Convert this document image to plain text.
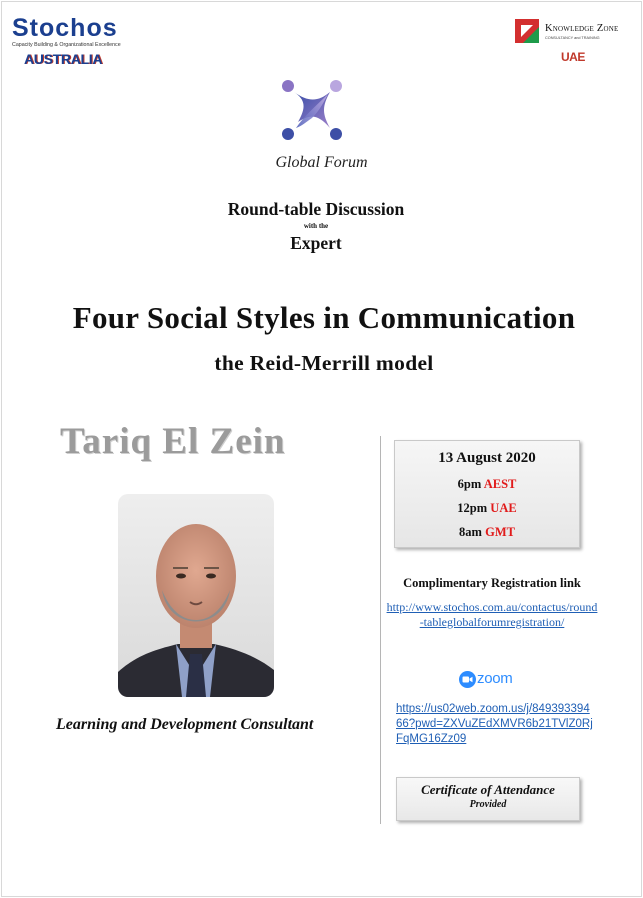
Stochos
Capacity Building & Organizational Excellence
AUSTRALIA
Knowledge Zone
CONSULTANCY and TRAINING
UAE
Global Forum
Round-table Discussion
with the
Expert
Four Social Styles in Communication
the Reid-Merrill model
Tariq El Zein
Learning and Development Consultant
13 August 2020
6pm AEST
12pm UAE
8am GMT
Complimentary Registration link
http://www.stochos.com.au/contactus/round-tableglobalforumregistration/
zoom
https://us02web.zoom.us/j/84939339466?pwd=ZXVuZEdXMVR6b21TVlZ0RjFqMG16Zz09
Certificate of Attendance
Provided
